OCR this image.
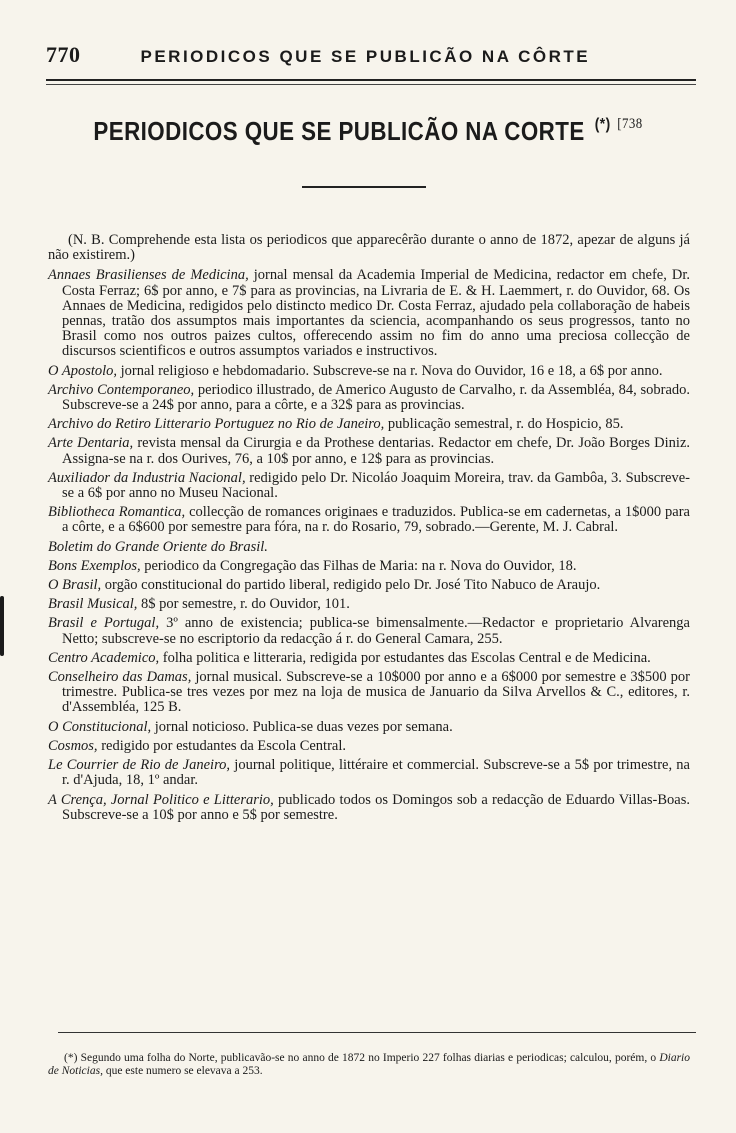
770	PERIODICOS QUE SE PUBLICÃO NA CÔRTE
PERIODICOS QUE SE PUBLICÃO NA CORTE (*) $^{[738}$

(N. B. Comprehende esta lista os periodicos que apparecêrão durante o anno de 1872, apezar de alguns já não existirem.)

Annaes Brasilienses de Medicina, jornal mensal da Academia Imperial de Medicina, redactor em chefe, Dr. Costa Ferraz; 6$ por anno, e 7$ para as provincias, na Livraria de E. & H. Laemmert, r. do Ouvidor, 68. Os Annaes de Medicina, redigidos pelo distincto medico Dr. Costa Ferraz, ajudado pela collaboração de habeis pennas, tratão dos assumptos mais importantes da sciencia, acompanhando os seus progressos, tanto no Brasil como nos outros paizes cultos, offerecendo assim no fim do anno uma preciosa collecção de discursos scientificos e outros assumptos variados e instructivos.

O Apostolo, jornal religioso e hebdomadario. Subscreve-se na r. Nova do Ouvidor, 16 e 18, a 6$ por anno.

Archivo Contemporaneo, periodico illustrado, de Americo Augusto de Carvalho, r. da Assembléa, 84, sobrado. Subscreve-se a 24$ por anno, para a côrte, e a 32$ para as provincias.

Archivo do Retiro Litterario Portuguez no Rio de Janeiro, publicação semestral, r. do Hospicio, 85.

Arte Dentaria, revista mensal da Cirurgia e da Prothese dentarias. Redactor em chefe, Dr. João Borges Diniz. Assigna-se na r. dos Ourives, 76, a 10$ por anno, e 12$ para as provincias.

Auxiliador da Industria Nacional, redigido pelo Dr. Nicoláo Joaquim Moreira, trav. da Gambôa, 3. Subscreve-se a 6$ por anno no Museu Nacional.

Bibliotheca Romantica, collecção de romances originaes e traduzidos. Publica-se em cadernetas, a 1$000 para a côrte, e a 6$600 por semestre para fóra, na r. do Rosario, 79, sobrado.—Gerente, M. J. Cabral.

Boletim do Grande Oriente do Brasil.

Bons Exemplos, periodico da Congregação das Filhas de Maria: na r. Nova do Ouvidor, 18.

O Brasil, orgão constitucional do partido liberal, redigido pelo Dr. José Tito Nabuco de Araujo.

Brasil Musical, 8$ por semestre, r. do Ouvidor, 101.

Brasil e Portugal, 3º anno de existencia; publica-se bimensalmente.—Redactor e proprietario Alvarenga Netto; subscreve-se no escriptorio da redacção á r. do General Camara, 255.

Centro Academico, folha politica e litteraria, redigida por estudantes das Escolas Central e de Medicina.

Conselheiro das Damas, jornal musical. Subscreve-se a 10$000 por anno e a 6$000 por semestre e 3$500 por trimestre. Publica-se tres vezes por mez na loja de musica de Januario da Silva Arvellos & C., editores, r. d'Assembléa, 125 B.

O Constitucional, jornal noticioso. Publica-se duas vezes por semana.

Cosmos, redigido por estudantes da Escola Central.

Le Courrier de Rio de Janeiro, journal politique, littéraire et commercial. Subscreve-se a 5$ por trimestre, na r. d'Ajuda, 18, 1º andar.

A Crença, Jornal Politico e Litterario, publicado todos os Domingos sob a redacção de Eduardo Villas-Boas. Subscreve-se a 10$ por anno e 5$ por semestre.

(*) Segundo uma folha do Norte, publicavão-se no anno de 1872 no Imperio 227 folhas diarias e periodicas; calculou, porém, o Diario de Noticias, que este numero se elevava a 253.
